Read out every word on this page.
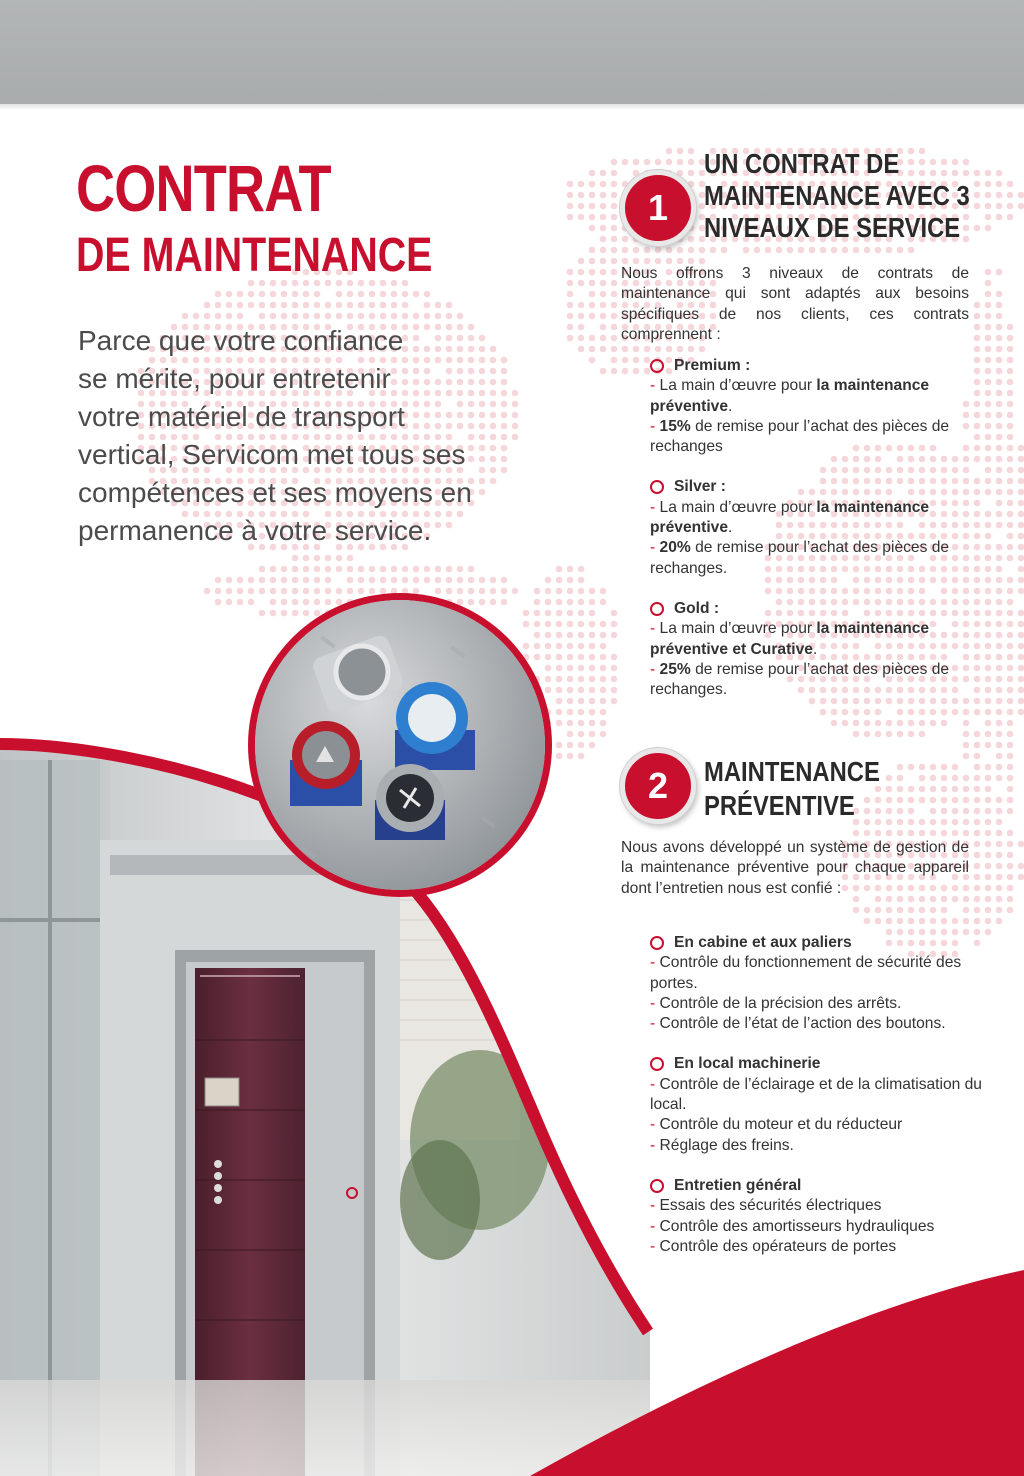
CONTRAT
DE MAINTENANCE
Parce que votre confiance
se mérite, pour entretenir
votre matériel de transport
vertical, Servicom met tous ses
compétences et ses moyens en
permanence à votre service.
1
UN CONTRAT DE
MAINTENANCE AVEC 3
NIVEAUX DE SERVICE
Nous offrons 3 niveaux de contrats de maintenance qui sont adaptés aux besoins spécifiques de nos clients, ces contrats comprennent :
Premium :
- La main d’œuvre pour la maintenance préventive.
- 15% de remise pour l’achat des pièces de rechanges
Silver :
- La main d’œuvre pour la maintenance préventive.
- 20% de remise pour l’achat des pièces de rechanges.
Gold :
- La main d’œuvre pour la maintenance préventive et Curative.
- 25% de remise pour l’achat des pièces de rechanges.
2	MAINTENANCE
PRÉVENTIVE
Nous avons développé un système de gestion de la maintenance préventive pour chaque appareil dont l’entretien nous est confié :
En cabine et aux paliers
- Contrôle du fonctionnement de sécurité des portes.
- Contrôle de la précision des arrêts.
- Contrôle de l’état de l’action des boutons.
En local machinerie
- Contrôle de l’éclairage et de la climatisation du local.
- Contrôle du moteur et du réducteur
- Réglage des freins.
Entretien général
- Essais des sécurités électriques
- Contrôle des amortisseurs hydrauliques
- Contrôle des opérateurs de portes
